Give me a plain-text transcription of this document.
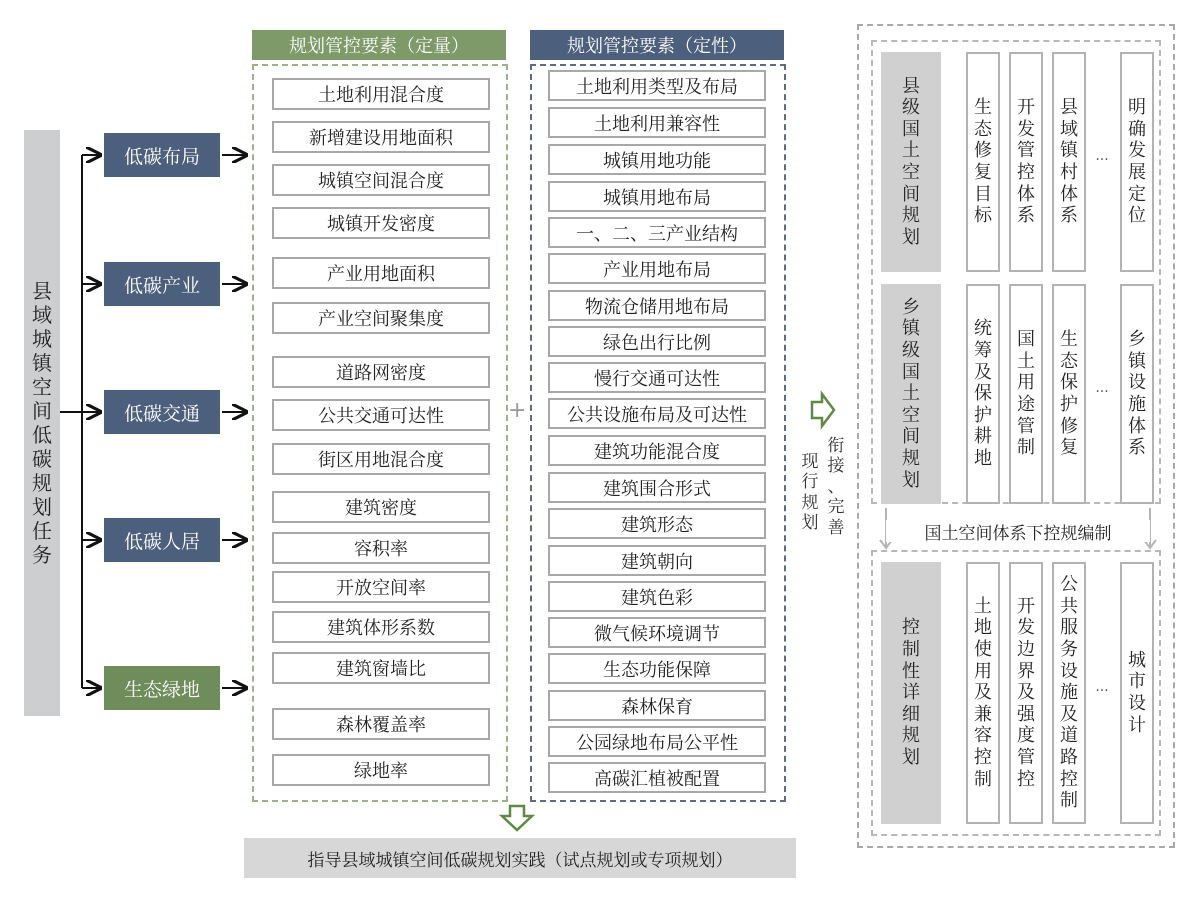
县
域
城
镇
空
间
低
碳
规
划
任
务
低碳布局
低碳产业
低碳交通
低碳人居
生态绿地
规划管控要素（定量）
土地利用混合度
新增建设用地面积
城镇空间混合度
城镇开发密度
产业用地面积
产业空间聚集度
道路网密度
公共交通可达性
街区用地混合度
建筑密度
容积率
开放空间率
建筑体形系数
建筑窗墙比
森林覆盖率
绿地率
+
规划管控要素（定性）
土地利用类型及布局
土地利用兼容性
城镇用地功能
城镇用地布局
一、二、三产业结构
产业用地布局
物流仓储用地布局
绿色出行比例
慢行交通可达性
公共设施布局及可达性
建筑功能混合度
建筑围合形式
建筑形态
建筑朝向
建筑色彩
微气候环境调节
生态功能保障
森林保育
公园绿地布局公平性
高碳汇植被配置
指导县域城镇空间低碳规划实践（试点规划或专项规划）
衔
接
、
完
善
现
行
规
划
县
级
国
土
空
间
规
划
生
态
修
复
目
标
开
发
管
控
体
系
县
域
镇
村
体
系
明
确
发
展
定
位
···
乡
镇
级
国
土
空
间
规
划
统
筹
及
保
护
耕
地
国
土
用
途
管
制
生
态
保
护
修
复
乡
镇
设
施
体
系
···
控
制
性
详
细
规
划
土
地
使
用
及
兼
容
控
制
开
发
边
界
及
强
度
管
控
公
共
服
务
设
施
及
道
路
控
制
城
市
设
计
···
国土空间体系下控规编制
